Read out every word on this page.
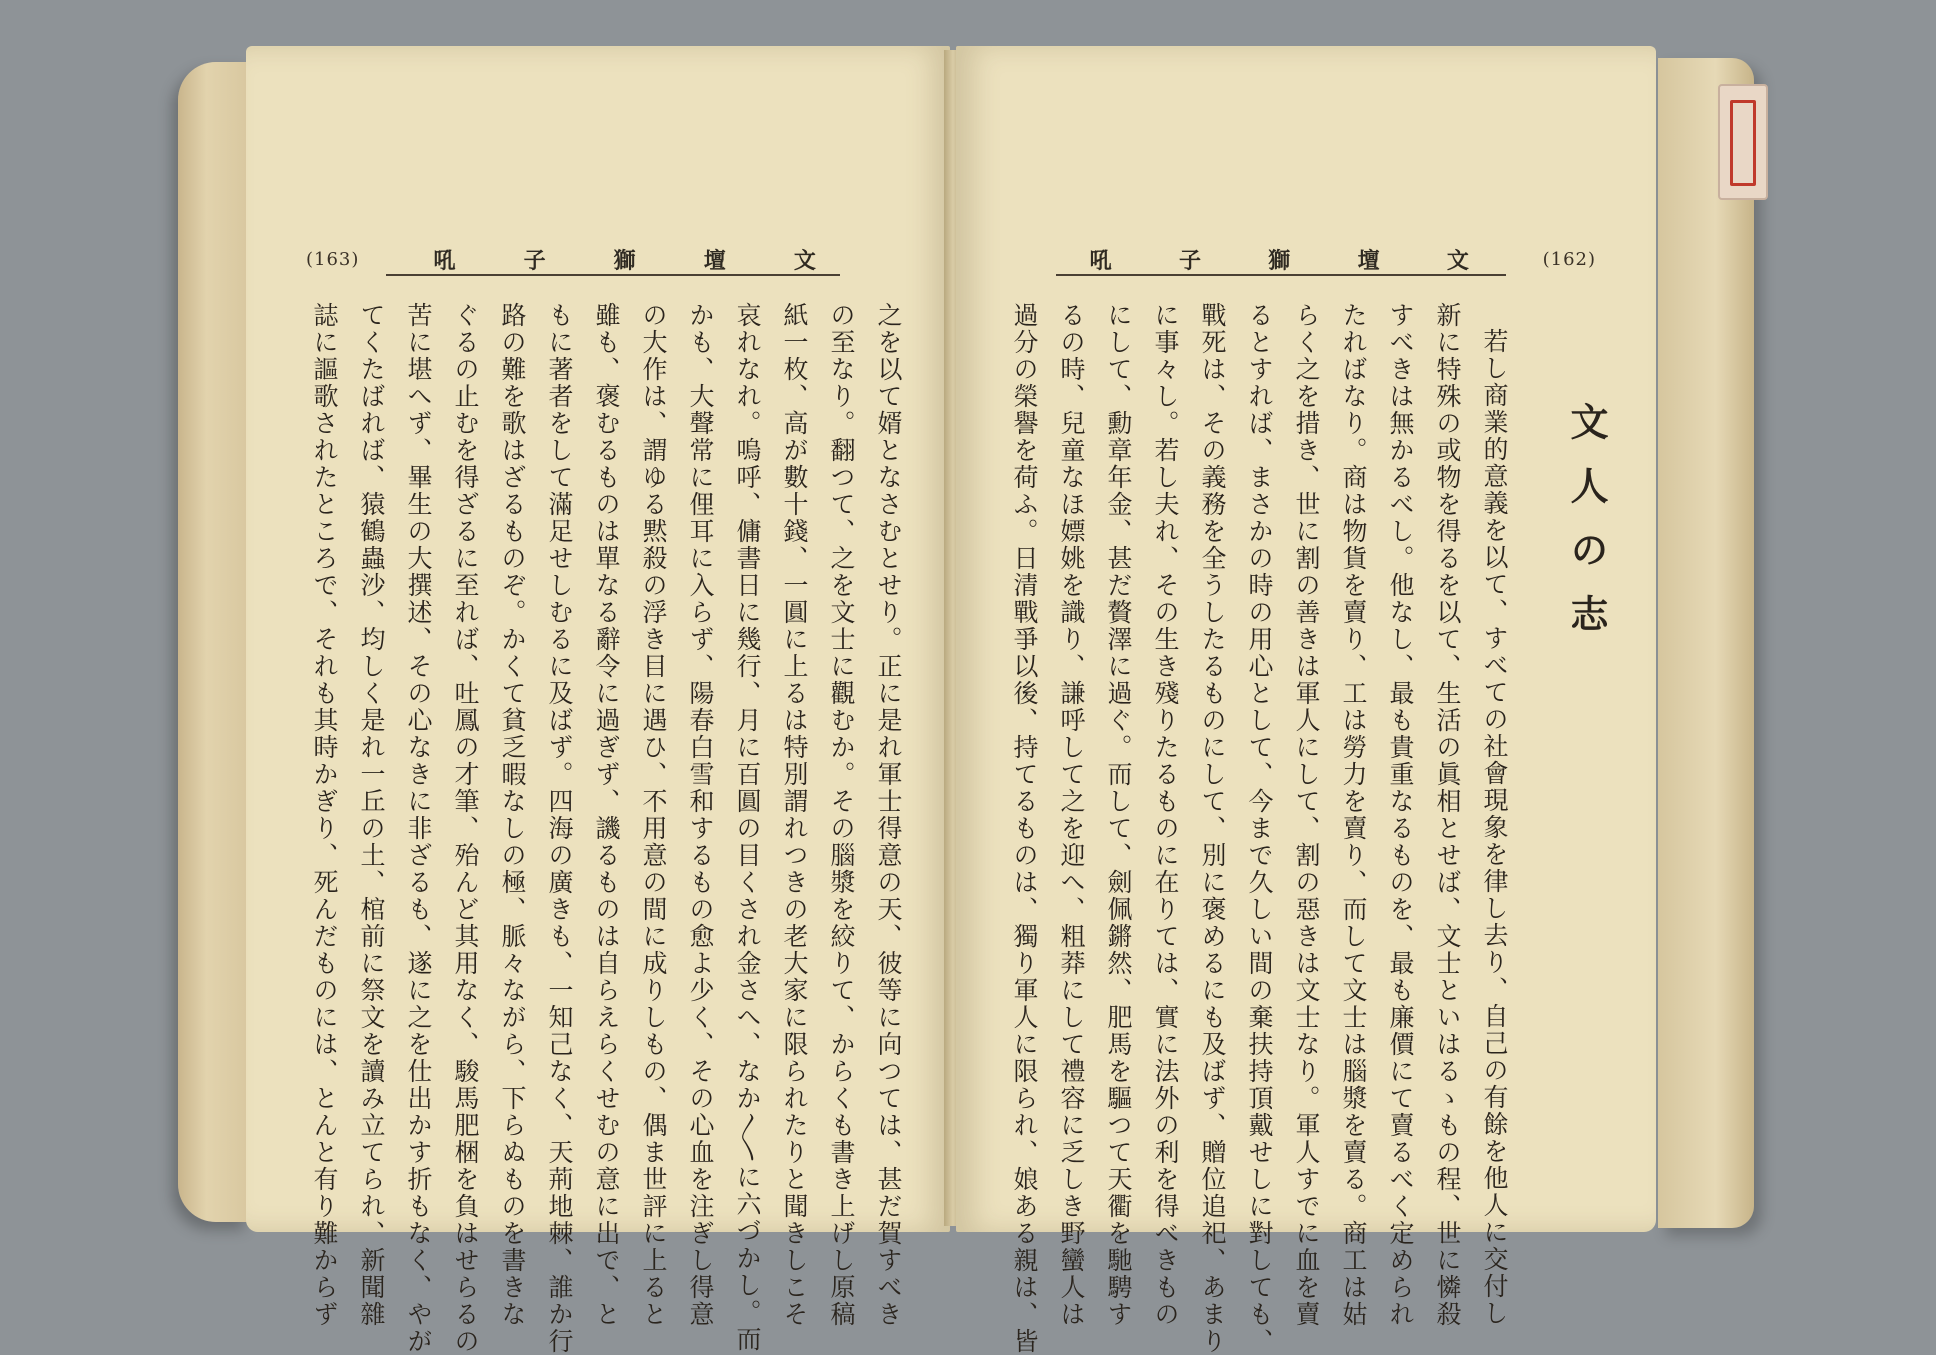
(163)	吼	子	獅	壇	文
之を以て婿となさむとせり。正に是れ軍士得意の天、彼等に向つては、甚だ賀すべき
の至なり。翻つて、之を文士に觀むか。その腦漿を絞りて、からくも書き上げし原稿
紙一枚、高が數十錢、一圓に上るは特別謂れつきの老大家に限られたりと聞きしこそ
哀れなれ。嗚呼、傭書日に幾行、月に百圓の目くされ金さへ、なか〳〵に六づかし。而
かも、大聲常に俚耳に入らず、陽春白雪和するもの愈よ少く、その心血を注ぎし得意
の大作は、謂ゆる黙殺の浮き目に遇ひ、不用意の間に成りしもの、偶ま世評に上ると
雖も、褒むるものは單なる辭令に過ぎず、譏るものは自らえらくせむの意に出で、と
もに著者をして滿足せしむるに及ばず。四海の廣きも、一知己なく、天荊地棘、誰か行
路の難を歌はざるものぞ。かくて貧乏暇なしの極、脈々ながら、下らぬものを書きな
ぐるの止むを得ざるに至れば、吐鳳の才筆、殆んど其用なく、駿馬肥梱を負はせらるの
苦に堪へず、畢生の大撰述、その心なきに非ざるも、遂に之を仕出かす折もなく、やが
てくたばれば、猿鶴蟲沙、均しく是れ一丘の土、棺前に祭文を讀み立てられ、新聞雜
誌に謳歌されたところで、それも其時かぎり、死んだものには、とんと有り難からず
吼	子	獅	壇	文	(162)
文人の志
若し商業的意義を以て、すべての社會現象を律し去り、自己の有餘を他人に交付し
新に特殊の或物を得るを以て、生活の眞相とせば、文士といはるゝもの程、世に憐殺
すべきは無かるべし。他なし、最も貴重なるものを、最も廉價にて賣るべく定められ
たればなり。商は物貨を賣り、工は勞力を賣り、而して文士は腦漿を賣る。商工は姑
らく之を措き、世に割の善きは軍人にして、割の惡きは文士なり。軍人すでに血を賣
るとすれば、まさかの時の用心として、今まで久しい間の棄扶持頂戴せしに對しても、
戰死は、その義務を全うしたるものにして、別に褒めるにも及ばず、贈位追祀、あまり
に事々し。若し夫れ、その生き殘りたるものに在りては、實に法外の利を得べきもの
にして、勳章年金、甚だ贅澤に過ぐ。而して、劍佩鏘然、肥馬を驅つて天衢を馳騁す
るの時、兒童なほ嫖姚を識り、謙呼して之を迎へ、粗莽にして禮容に乏しき野蠻人は
過分の榮譽を荷ふ。日清戰爭以後、持てるものは、獨り軍人に限られ、娘ある親は、皆
